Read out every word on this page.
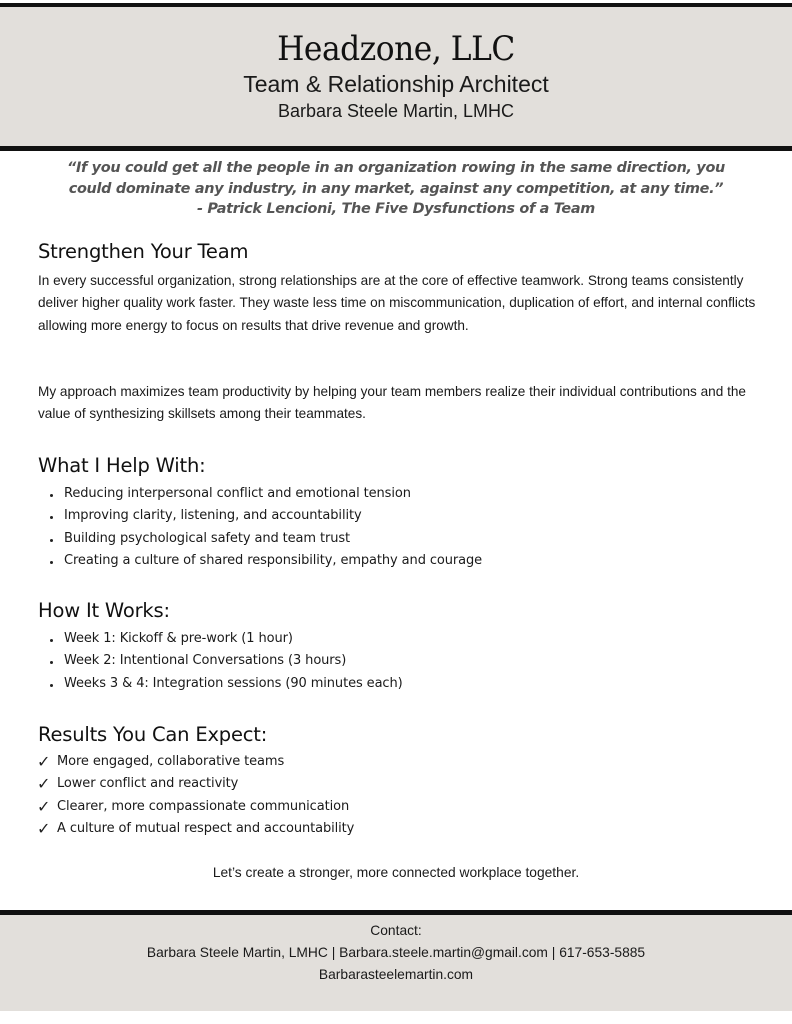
Headzone, LLC
Team & Relationship Architect
Barbara Steele Martin, LMHC
“If you could get all the people in an organization rowing in the same direction, you
could dominate any industry, in any market, against any competition, at any time.”
- Patrick Lencioni, The Five Dysfunctions of a Team
Strengthen Your Team

In every successful organization, strong relationships are at the core of effective teamwork. Strong teams consistently deliver higher quality work faster. They waste less time on miscommunication, duplication of effort, and internal conflicts allowing more energy to focus on results that drive revenue and growth.

My approach maximizes team productivity by helping your team members realize their individual contributions and the value of synthesizing skillsets among their teammates.

What I Help With:
Reducing interpersonal conflict and emotional tension
Improving clarity, listening, and accountability
Building psychological safety and team trust
Creating a culture of shared responsibility, empathy and courage
How It Works:
Week 1: Kickoff & pre-work (1 hour)
Week 2: Intentional Conversations (3 hours)
Weeks 3 & 4: Integration sessions (90 minutes each)
Results You Can Expect:
✓ More engaged, collaborative teams
✓ Lower conflict and reactivity
✓ Clearer, more compassionate communication
✓ A culture of mutual respect and accountability
Let’s create a stronger, more connected workplace together.
Contact:
Barbara Steele Martin, LMHC | Barbara.steele.martin@gmail.com | 617-653-5885
Barbarasteelemartin.com
